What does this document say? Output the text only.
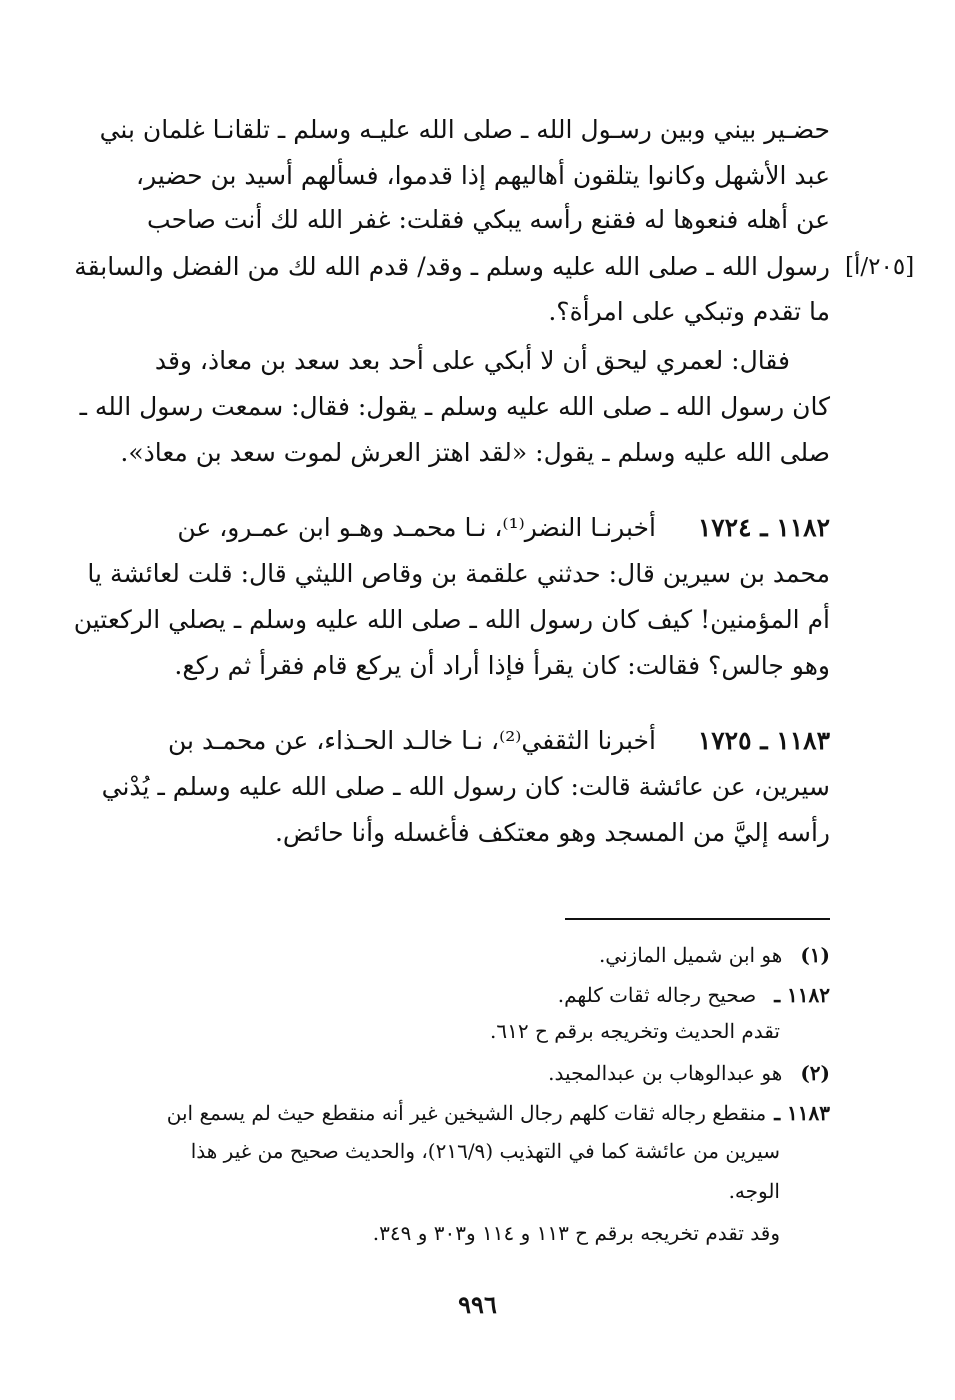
حضـير بيني وبين رسـول الله ـ صلى الله عليـه وسلم ـ تلقانـا غلمان بني
عبد الأشهل وكانوا يتلقون أهاليهم إذا قدموا، فسألهم أسيد بن حضير،
عن أهله فنعوها له فقنع رأسه يبكي فقلت: غفر الله لك أنت صاحب
رسول الله ـ صلى الله عليه وسلم ـ وقد/ قدم الله لك من الفضل والسابقة [٢٠٥/أ]
ما تقدم وتبكي على امرأة؟.
فقال: لعمري ليحق أن لا أبكي على أحد بعد سعد بن معاذ، وقد
كان رسول الله ـ صلى الله عليه وسلم ـ يقول: فقال: سمعت رسول الله ـ
صلى الله عليه وسلم ـ يقول: «لقد اهتز العرش لموت سعد بن معاذ».
١١٨٢ ـ ١٧٢٤  أخبرنـا النضر⁽¹⁾، نـا محمـد وهـو ابن عمـرو، عن
محمد بن سيرين قال: حدثني علقمة بن وقاص الليثي قال: قلت لعائشة يا
أم المؤمنين! كيف كان رسول الله ـ صلى الله عليه وسلم ـ يصلي الركعتين
وهو جالس؟ فقالت: كان يقرأ فإذا أراد أن يركع قام فقرأ ثم ركع.
١١٨٣ ـ ١٧٢٥  أخبرنا الثقفي⁽²⁾، نـا خالـد الحـذاء، عن محمـد بن
سيرين، عن عائشة قالت: كان رسول الله ـ صلى الله عليه وسلم ـ يُدْني
رأسه إليَّ من المسجد وهو معتكف فأغسله وأنا حائض.
(١)هو ابن شميل المازني.
١١٨٢ ـصحيح رجاله ثقات كلهم.
تقدم الحديث وتخريجه برقم ح ٦١٢.
(٢)هو عبدالوهاب بن عبدالمجيد.
١١٨٣ ـمنقطع رجاله ثقات كلهم رجال الشيخين غير أنه منقطع حيث لم يسمع ابن
سيرين من عائشة كما في التهذيب (٢١٦/٩)، والحديث صحيح من غير هذا
الوجه.
وقد تقدم تخريجه برقم ح ١١٣ و ١١٤ و٣٠٣ و ٣٤٩.
٩٩٦
